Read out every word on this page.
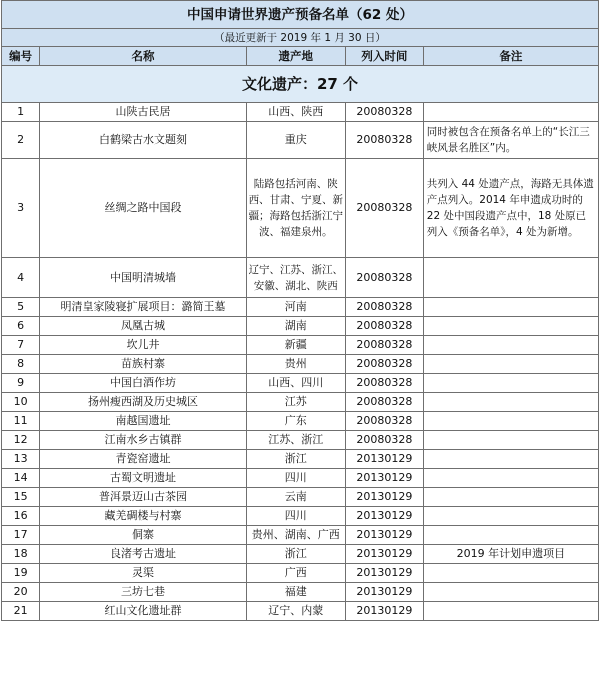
中国申请世界遗产预备名单（62 处）				
（最近更新于 2019 年 1 月 30 日）				
编号	名称	遗产地	列入时间	备注
文化遗产：27 个				
1	山陕古民居	山西、陕西	20080328	
2	白鹤梁古水文题刻	重庆	20080328	同时被包含在预备名单上的“长江三峡风景名胜区”内。
3	丝绸之路中国段	陆路包括河南、陕西、甘肃、宁夏、新疆；海路包括浙江宁波、福建泉州。	20080328	共列入 44 处遗产点，海路无具体遗产点列入。2014 年申遗成功时的 22 处中国段遗产点中，18 处原已列入《预备名单》，4 处为新增。
4	中国明清城墙	辽宁、江苏、浙江、安徽、湖北、陕西	20080328	
5	明清皇家陵寝扩展项目：潞简王墓	河南	20080328	
6	凤凰古城	湖南	20080328	
7	坎儿井	新疆	20080328	
8	苗族村寨	贵州	20080328	
9	中国白酒作坊	山西、四川	20080328	
10	扬州瘦西湖及历史城区	江苏	20080328	
11	南越国遗址	广东	20080328	
12	江南水乡古镇群	江苏、浙江	20080328	
13	青瓷窑遗址	浙江	20130129	
14	古蜀文明遗址	四川	20130129	
15	普洱景迈山古茶园	云南	20130129	
16	藏羌碉楼与村寨	四川	20130129	
17	侗寨	贵州、湖南、广西	20130129	
18	良渚考古遗址	浙江	20130129	2019 年计划申遗项目
19	灵渠	广西	20130129	
20	三坊七巷	福建	20130129	
21	红山文化遗址群	辽宁、内蒙	20130129	
